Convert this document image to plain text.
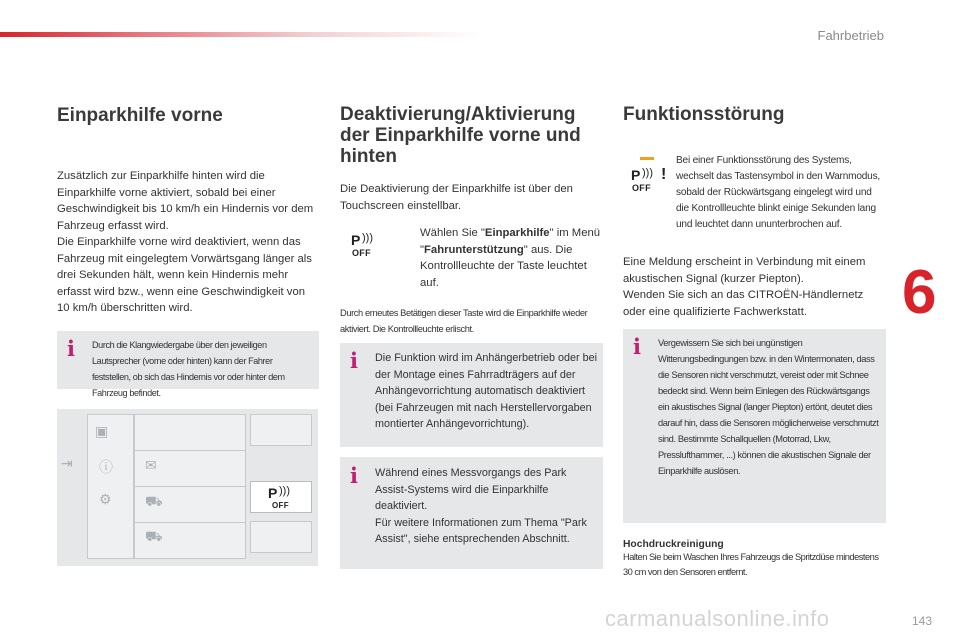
Fahrbetrieb
6
Einparkhilfe vorne

Zusätzlich zur Einparkhilfe hinten wird die Einparkhilfe vorne aktiviert, sobald bei einer Geschwindigkeit bis 10 km/h ein Hindernis vor dem Fahrzeug erfasst wird.

Die Einparkhilfe vorne wird deaktiviert, wenn das Fahrzeug mit eingelegtem Vorwärtsgang länger als drei Sekunden hält, wenn kein Hindernis mehr erfasst wird bzw., wenn eine Geschwindigkeit von 10 km/h überschritten wird.

i Durch die Klangwiedergabe über den jeweiligen Lautsprecher (vorne oder hinten) kann der Fahrer feststellen, ob sich das Hindernis vor oder hinter dem Fahrzeug befindet.

▣
⇥ ⓘ
⚙
✉
⛟
⛟
P )))
OFF
Deaktivierung/Aktivierung der Einparkhilfe vorne und hinten

Die Deaktivierung der Einparkhilfe ist über den Touchscreen einstellbar.

P )))
OFF

Wählen Sie "Einparkhilfe" im Menü "Fahrunterstützung" aus. Die Kontrollleuchte der Taste leuchtet auf.

Durch erneutes Betätigen dieser Taste wird die Einparkhilfe wieder aktiviert. Die Kontrollleuchte erlischt.

i Die Funktion wird im Anhängerbetrieb oder bei der Montage eines Fahrradträgers auf der Anhängevorrichtung automatisch deaktiviert (bei Fahrzeugen mit nach Herstellervorgaben montierter Anhängevorrichtung).

i Während eines Messvorgangs des Park Assist-Systems wird die Einparkhilfe deaktiviert.

Für weitere Informationen zum Thema "Park Assist", siehe entsprechenden Abschnitt.

Funktionsstörung
P )))
OFF
!

Bei einer Funktionsstörung des Systems, wechselt das Tastensymbol in den Warnmodus, sobald der Rückwärtsgang eingelegt wird und die Kontrollleuchte blinkt einige Sekunden lang und leuchtet dann ununterbrochen auf.

Eine Meldung erscheint in Verbindung mit einem akustischen Signal (kurzer Piepton).

Wenden Sie sich an das CITROËN-Händlernetz oder eine qualifizierte Fachwerkstatt.

i Vergewissern Sie sich bei ungünstigen Witterungsbedingungen bzw. in den Wintermonaten, dass die Sensoren nicht verschmutzt, vereist oder mit Schnee bedeckt sind. Wenn beim Einlegen des Rückwärtsgangs ein akustisches Signal (langer Piepton) ertönt, deutet dies darauf hin, dass die Sensoren möglicherweise verschmutzt sind. Bestimmte Schallquellen (Motorrad, Lkw, Presslufthammer, ...) können die akustischen Signale der Einparkhilfe auslösen.

Hochdruckreinigung

Halten Sie beim Waschen Ihres Fahrzeugs die Spritzdüse mindestens 30 cm von den Sensoren entfernt.

143
carmanualsonline.info
